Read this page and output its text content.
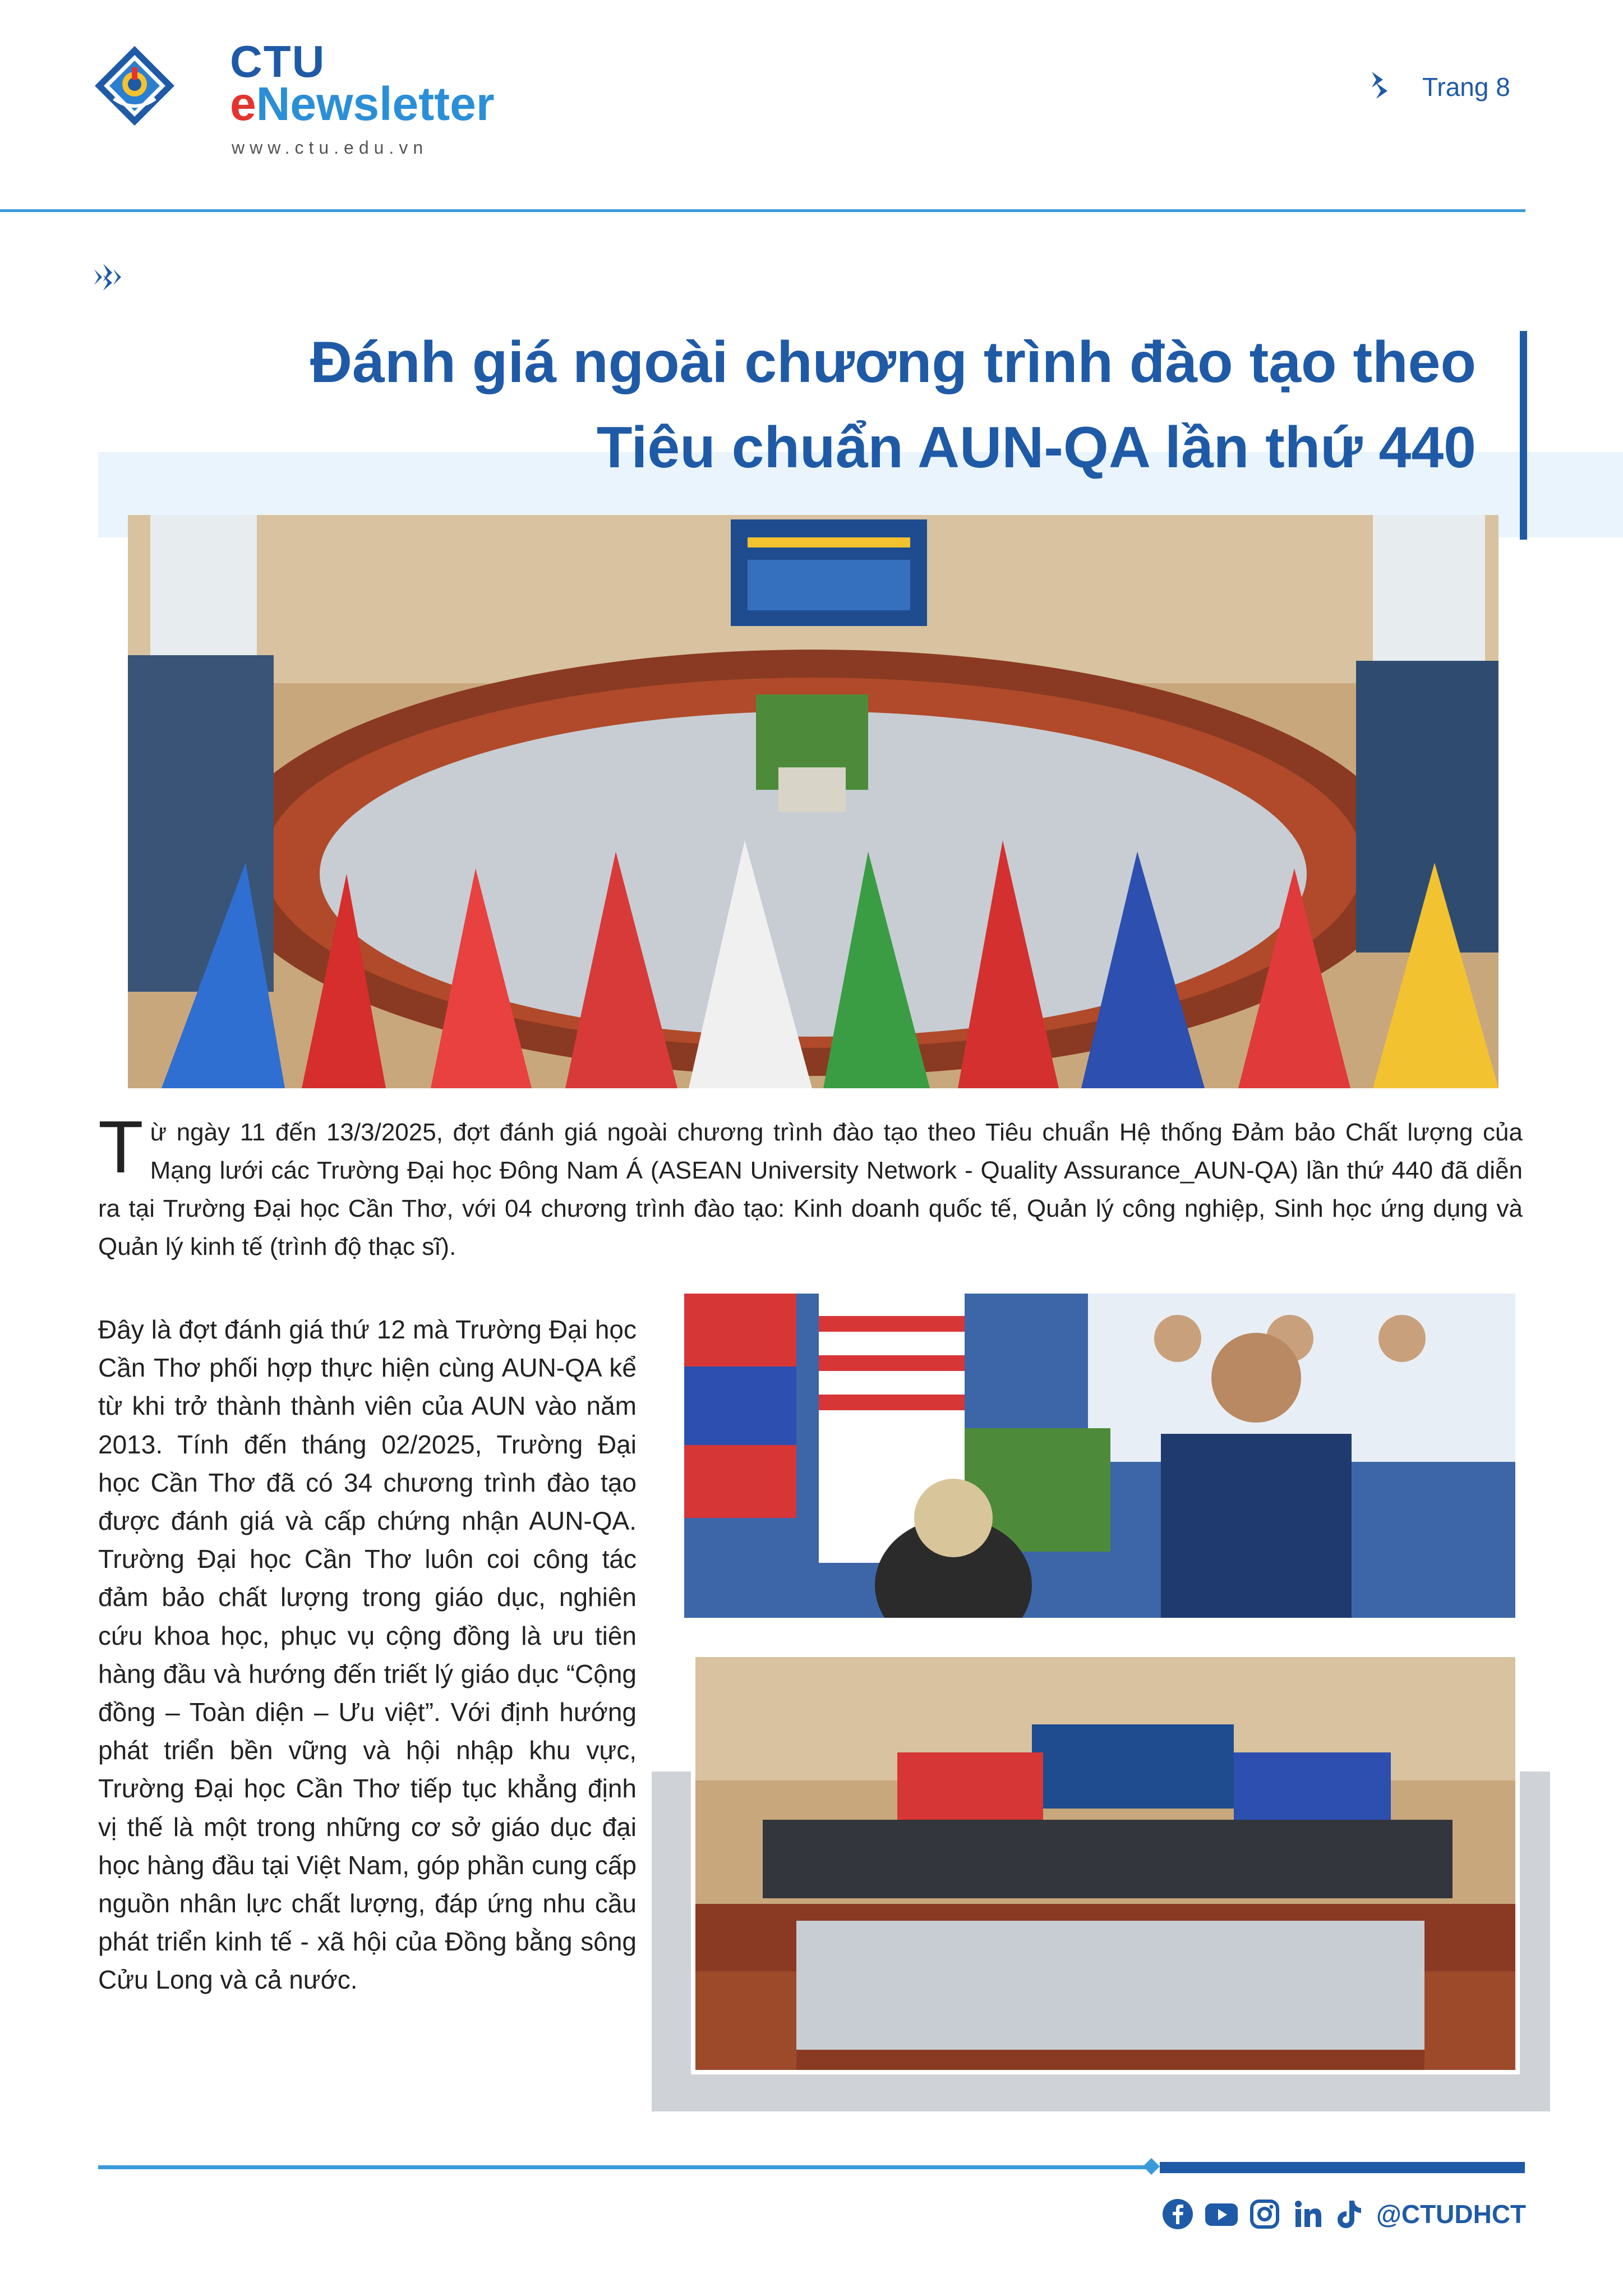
CTU
eNewsletter
www.ctu.edu.vn
Trang 8
Đánh giá ngoài chương trình đào tạo theo
Tiêu chuẩn AUN-QA lần thứ 440
Từ ngày 11 đến 13/3/2025, đợt đánh giá ngoài chương trình đào tạo theo Tiêu chuẩn Hệ thống Đảm bảo Chất lượng của Mạng lưới các Trường Đại học Đông Nam Á (ASEAN University Network - Quality Assurance_AUN-QA) lần thứ 440 đã diễn ra tại Trường Đại học Cần Thơ, với 04 chương trình đào tạo: Kinh doanh quốc tế, Quản lý công nghiệp, Sinh học ứng dụng và Quản lý kinh tế (trình độ thạc sĩ).
Đây là đợt đánh giá thứ 12 mà Trường Đại học Cần Thơ phối hợp thực hiện cùng AUN-QA kể từ khi trở thành thành viên của AUN vào năm 2013. Tính đến tháng 02/2025, Trường Đại học Cần Thơ đã có 34 chương trình đào tạo được đánh giá và cấp chứng nhận AUN-QA. Trường Đại học Cần Thơ luôn coi công tác đảm bảo chất lượng trong giáo dục, nghiên cứu khoa học, phục vụ cộng đồng là ưu tiên hàng đầu và hướng đến triết lý giáo dục “Cộng đồng – Toàn diện – Ưu việt”. Với định hướng phát triển bền vững và hội nhập khu vực, Trường Đại học Cần Thơ tiếp tục khẳng định vị thế là một trong những cơ sở giáo dục đại học hàng đầu tại Việt Nam, góp phần cung cấp nguồn nhân lực chất lượng, đáp ứng nhu cầu phát triển kinh tế - xã hội của Đồng bằng sông Cửu Long và cả nước.
@CTUDHCT
